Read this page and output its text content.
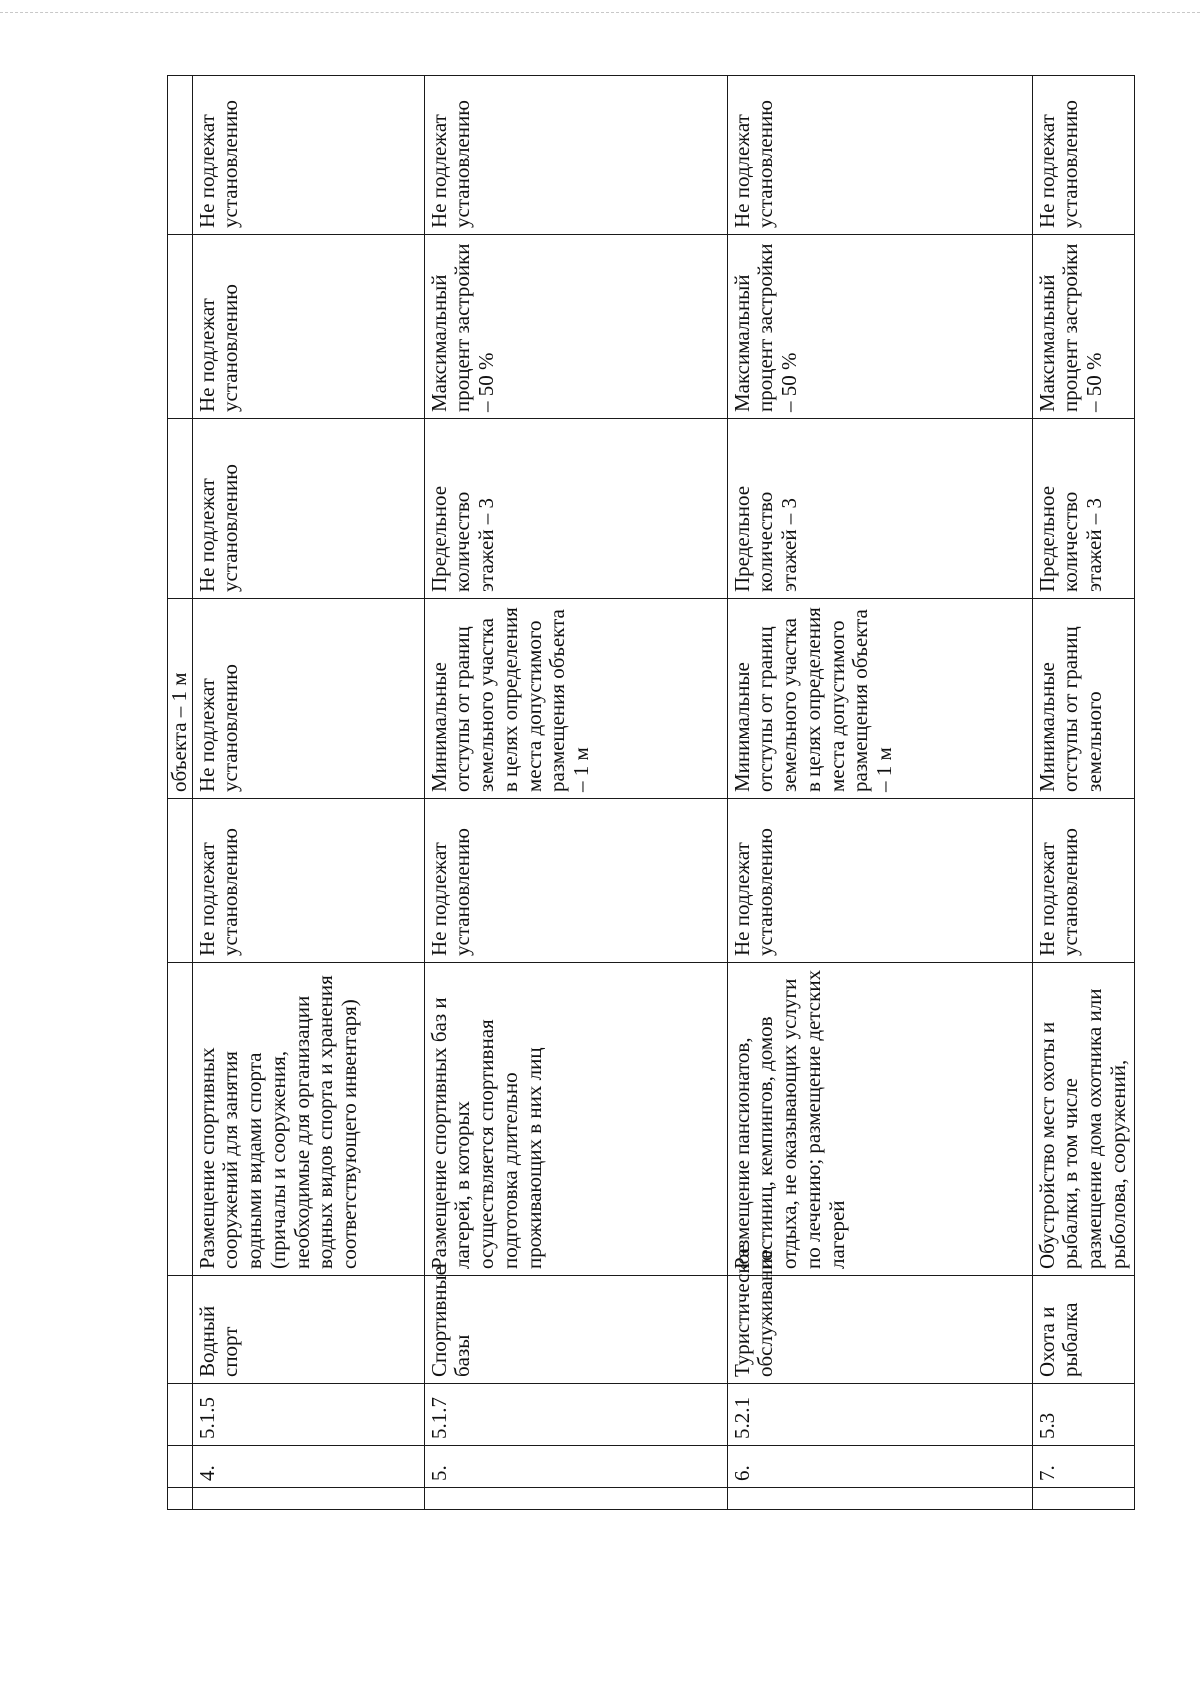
						объекта – 1 м			
	4.	5.1.5	Водный спорт	Размещение спортивных сооружений для занятия водными видами спорта (причалы и сооружения, необходимые для организации водных видов спорта и хранения соответствующего инвентаря)	Не подлежат установлению	Не подлежат установлению	Не подлежат установлению	Не подлежат установлению	Не подлежат установлению
	5.	5.1.7	Спортивные базы	Размещение спортивных баз и лагерей, в которых осуществляется спортивная подготовка длительно проживающих в них лиц	Не подлежат установлению	Минимальные отступы от границ земельного участка в целях определения места допустимого размещения объекта – 1 м	Предельное количество этажей – 3	Максимальный процент застройки – 50 %	Не подлежат установлению
	6.	5.2.1	Туристическое обслуживание	Размещение пансионатов, гостиниц, кемпингов, домов отдыха, не оказывающих услуги по лечению; размещение детских лагерей	Не подлежат установлению	Минимальные отступы от границ земельного участка в целях определения места допустимого размещения объекта – 1 м	Предельное количество этажей – 3	Максимальный процент застройки – 50 %	Не подлежат установлению
	7.	5.3	Охота и рыбалка	Обустройство мест охоты и рыбалки, в том числе размещение дома охотника или рыболова, сооружений,	Не подлежат установлению	Минимальные отступы от границ земельного	Предельное количество этажей – 3	Максимальный процент застройки – 50 %	Не подлежат установлению
